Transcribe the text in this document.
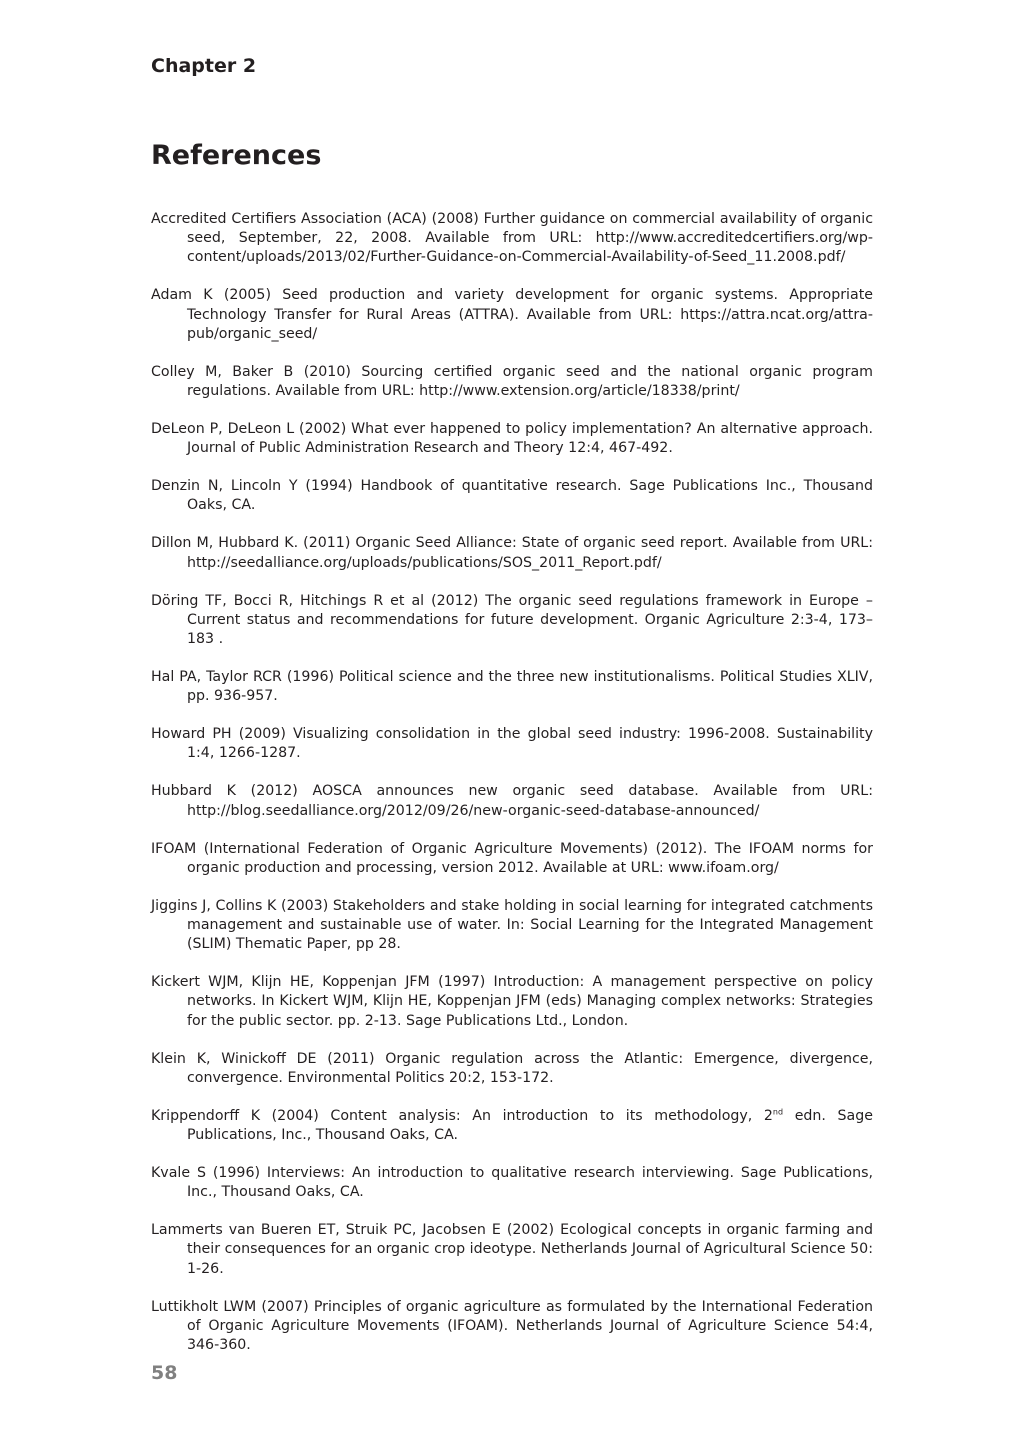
Chapter 2

References
Accredited Certifiers Association (ACA) (2008) Further guidance on commercial availability of organic seed, September, 22, 2008. Available from URL: http://www.accreditedcertifiers.org/wp-content/uploads/2013/02/Further-Guidance-on-Commercial-Availability-of-Seed_11.2008.pdf/
Adam K (2005) Seed production and variety development for organic systems. Appropriate Technology Transfer for Rural Areas (ATTRA). Available from URL: https://attra.ncat.org/attra-pub/organic_seed/
Colley M, Baker B (2010) Sourcing certified organic seed and the national organic program regulations. Available from URL: http://www.extension.org/article/18338/print/
DeLeon P, DeLeon L (2002) What ever happened to policy implementation? An alternative approach. Journal of Public Administration Research and Theory 12:4, 467-492.
Denzin N, Lincoln Y (1994) Handbook of quantitative research. Sage Publications Inc., Thousand Oaks, CA.
Dillon M, Hubbard K. (2011) Organic Seed Alliance: State of organic seed report. Available from URL: http://seedalliance.org/uploads/publications/SOS_2011_Report.pdf/
Döring TF, Bocci R, Hitchings R et al (2012) The organic seed regulations framework in Europe – Current status and recommendations for future development. Organic Agriculture 2:3-4, 173–183 .
Hal PA, Taylor RCR (1996) Political science and the three new institutionalisms. Political Studies XLIV, pp. 936-957.
Howard PH (2009) Visualizing consolidation in the global seed industry: 1996-2008. Sustainability 1:4, 1266-1287.
Hubbard K (2012) AOSCA announces new organic seed database. Available from URL: http://blog.seedalliance.org/2012/09/26/new-organic-seed-database-announced/
IFOAM (International Federation of Organic Agriculture Movements) (2012). The IFOAM norms for organic production and processing, version 2012. Available at URL: www.ifoam.org/
Jiggins J, Collins K (2003) Stakeholders and stake holding in social learning for integrated catchments management and sustainable use of water. In: Social Learning for the Integrated Management (SLIM) Thematic Paper, pp 28.
Kickert WJM, Klijn HE, Koppenjan JFM (1997) Introduction: A management perspective on policy networks. In Kickert WJM, Klijn HE, Koppenjan JFM (eds) Managing complex networks: Strategies for the public sector. pp. 2-13. Sage Publications Ltd., London.
Klein K, Winickoff DE (2011) Organic regulation across the Atlantic: Emergence, divergence, convergence. Environmental Politics 20:2, 153-172.
Krippendorff K (2004) Content analysis: An introduction to its methodology, 2nd edn. Sage Publications, Inc., Thousand Oaks, CA.
Kvale S (1996) Interviews: An introduction to qualitative research interviewing. Sage Publications, Inc., Thousand Oaks, CA.
Lammerts van Bueren ET, Struik PC, Jacobsen E (2002) Ecological concepts in organic farming and their consequences for an organic crop ideotype. Netherlands Journal of Agricultural Science 50: 1-26.
Luttikholt LWM (2007) Principles of organic agriculture as formulated by the International Federation of Organic Agriculture Movements (IFOAM). Netherlands Journal of Agriculture Science 54:4, 346-360.

58
